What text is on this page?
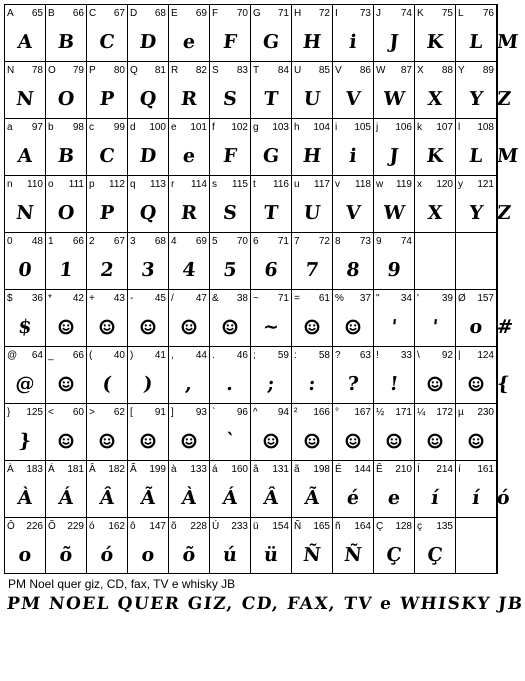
A 65
A
B 66
B
C 67
C
D 68
D
E 69
e
F 70
F
G 71
G
H 72
H
I 73
i
J 74
J
K 75
K
L 76
L M
N 78
N
O 79
O
P 80
P
Q 81
Q
R 82
R
S 83
S
T 84
T
U 85
U
V 86
V
W 87
W
X 88
X
Y 89
Y Z
a 97
A
b 98
B
c 99
C
d 100
D
e 101
e
f 102
F
g 103
G
h 104
H
i 105
i
j 106
J
k 107
K
l 108
L M
n 110
N
o 111
O
p 112
P
q 113
Q
r 114
R
s 115
S
t 116
T
u 117
U
v 118
V
w 119
W
x 120
X
y 121
Y Z
0 48
0
1 66
1
2 67
2
3 68
3
4 69
4
5 70
5
6 71
6
7 72
7
8 73
8
9 74
9
$ 36
$
* 42 + 43 - 45 / 47 & 38 ~ 71
~
= 61 % 37 " 34
'
' 39
'
Ø 157
o #
@ 64
@
_ 66 ( 40
(
) 41
)
, 44
,
. 46
.
; 59
;
: 58
:
? 63
?
! 33
!
\ 92 | 124
{
} 125
}
< 60 > 62 [ 91 ] 93 ` 96
`
^ 94 ² 166 ° 167 ½ 171 ¼ 172 µ 230
À 183
À
Á 181
Á
Â 182
Â
Ã 199
Ã
à 133
À
á 160
Á
â 131
Â
ã 198
Ã
É 144
é
Ê 210
e
Í 214
í
í 161
í ó
Ô 226
o
Õ 229
õ
ó 162
ó
ô 147
o
õ 228
õ
Ú 233
ú
ü 154
ü
Ñ 165
Ñ
ñ 164
Ñ
Ç 128
Ç
ç 135
Ç
PM Noel quer giz, CD, fax, TV e whisky JB
PM NOEL QUER GIZ, CD, FAX, TV e WHISKY JB
